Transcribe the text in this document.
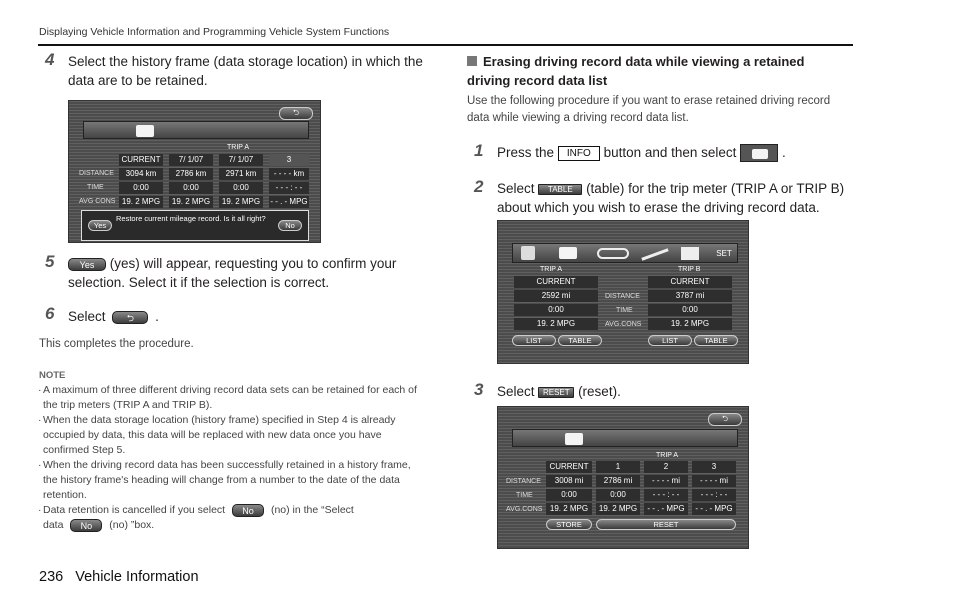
Displaying Vehicle Information and Programming Vehicle System Functions
4 Select the history frame (data storage location) in which the data are to be retained.
⮌
TRIP A
CURRENT	7/ 1/07	7/ 1/07	3
DISTANCE	3094 km	2786 km	2971 km	- - - - km
TIME	0:00	0:00	0:00	- - - : - -
AVG CONS 19. 2 MPG	19. 2 MPG	19. 2 MPG	- - . - MPG
Restore current mileage record. Is it all right?
Yes	No
5	Yes (yes) will appear, requesting you to confirm your selection. Select it if the selection is correct.
6 Select ⮌ .
This completes the procedure.
NOTE
· A maximum of three different driving record data sets can be retained for each of the trip meters (TRIP A and TRIP B).
· When the data storage location (history frame) specified in Step 4 is already occupied by data, this data will be replaced with new data once you have confirmed Step 5.
· When the driving record data has been successfully retained in a history frame, the history frame's heading will change from a number to the date of the data retention.
· Data retention is cancelled if you select No (no) in the “Select
data No (no) ”box.
236 Vehicle Information
Erasing driving record data while viewing a retained driving record data list
Use the following procedure if you want to erase retained driving record data while viewing a driving record data list.
1 Press the INFO button and then select	.
2 Select TABLE (table) for the trip meter (TRIP A or TRIP B) about which you wish to erase the driving record data.
SET
TRIP A	TRIP B
CURRENT	CURRENT
2592 mi	DISTANCE	3787 mi
0:00	TIME	0:00
19. 2 MPG	AVG.CONS	19. 2 MPG
LIST	TABLE	LIST	TABLE
3 Select RESET (reset).
⮌
TRIP A
CURRENT	1	2	3
DISTANCE	3008 mi	2786 mi	- - - - mi	- - - - mi
TIME	0:00	0:00	- - - : - -	- - - : - -
AVG.CONS 19. 2 MPG	19. 2 MPG	- - . - MPG	- - . - MPG
STORE	RESET
